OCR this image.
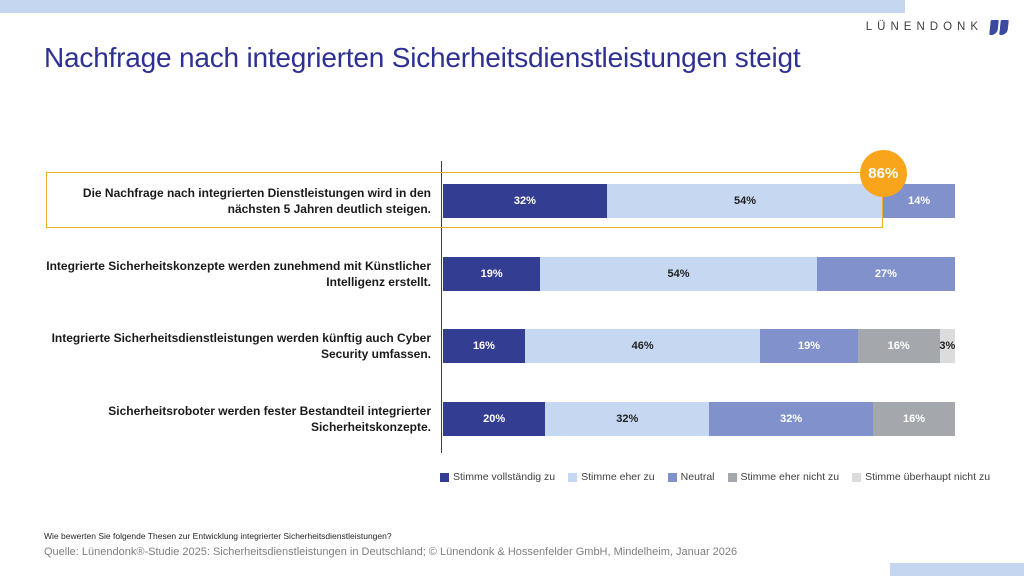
LÜNENDONK
Nachfrage nach integrierten Sicherheitsdienstleistungen steigt
Die Nachfrage nach integrierten Dienstleistungen wird in den nächsten 5 Jahren deutlich steigen.
32%	54%	14%
Integrierte Sicherheitskonzepte werden zunehmend mit Künstlicher Intelligenz erstellt.
19%	54%	27%
Integrierte Sicherheitsdienstleistungen werden künftig auch Cyber Security umfassen.
16%	46%	19%	16%	3%
Sicherheitsroboter werden fester Bestandteil integrierter Sicherheitskonzepte.
20%	32%	32%	16%
86%
Stimme vollständig zu Stimme eher zu Neutral Stimme eher nicht zu Stimme überhaupt nicht zu
Wie bewerten Sie folgende Thesen zur Entwicklung integrierter Sicherheitsdienstleistungen?
Quelle: Lünendonk®-Studie 2025: Sicherheitsdienstleistungen in Deutschland; © Lünendonk & Hossenfelder GmbH, Mindelheim, Januar 2026
